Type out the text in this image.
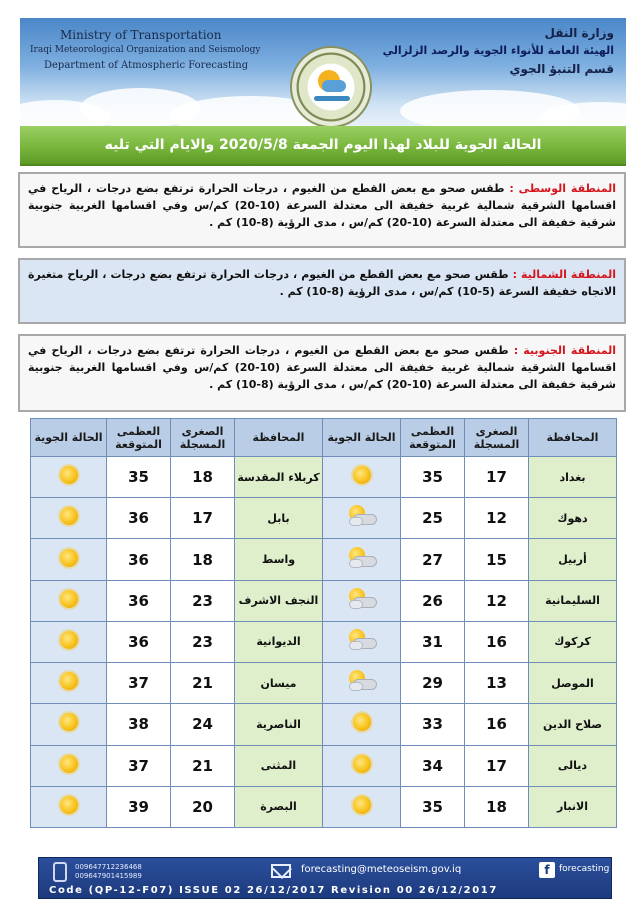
Ministry of Transportation
Iraqi Meteorological Organization and Seismology
Department of Atmospheric Forecasting
وزارة النقل
الهيئة العامة للأنواء الجوية والرصد الزلزالي
قسم التنبؤ الجوي
الحالة الجوية للبلاد لهذا اليوم الجمعة 2020/5/8 والايام التي تليه
المنطقة الوسطى : طقس صحو مع بعض القطع من الغيوم ، درجات الحرارة ترتفع بضع درجات ، الرياح في اقسامها الشرقية شمالية غربية خفيفة الى معتدلة السرعة (10-20) كم/س وفي اقسامها الغربية جنوبية شرقية خفيفة الى معتدلة السرعة (10-20) كم/س ، مدى الرؤية (8-10) كم .
المنطقة الشمالية : طقس صحو مع بعض القطع من الغيوم ، درجات الحرارة ترتفع بضع درجات ، الرياح متغيرة الاتجاه خفيفة السرعة (5-10) كم/س ، مدى الرؤية (8-10) كم .
المنطقة الجنوبية : طقس صحو مع بعض القطع من الغيوم ، درجات الحرارة ترتفع بضع درجات ، الرياح في اقسامها الشرقية شمالية غربية خفيفة الى معتدلة السرعة (10-20) كم/س وفي اقسامها الغربية جنوبية شرقية خفيفة الى معتدلة السرعة (10-20) كم/س ، مدى الرؤية (8-10) كم .
المحافظة	الصغرى المسجلة	العظمى المتوقعة	الحالة الجوية	المحافظة	الصغرى المسجلة	العظمى المتوقعة	الحالة الجوية
بغداد	17	35		كربلاء المقدسة	18	35	
دهوك	12	25		بابل	17	36	
أربيل	15	27		واسط	18	36	
السليمانية	12	26		النجف الاشرف	23	36	
كركوك	16	31		الديوانية	23	36	
الموصل	13	29		ميسان	21	37	
صلاح الدين	16	33		الناصرية	24	38	
ديالى	17	34		المثنى	21	37	
الانبار	18	35		البصرة	20	39	
009647712236468
009647901415989
forecasting@meteoseism.gov.iq	f	forecasting
Code (QP-12-F07) ISSUE 02 26/12/2017 Revision 00 26/12/2017
